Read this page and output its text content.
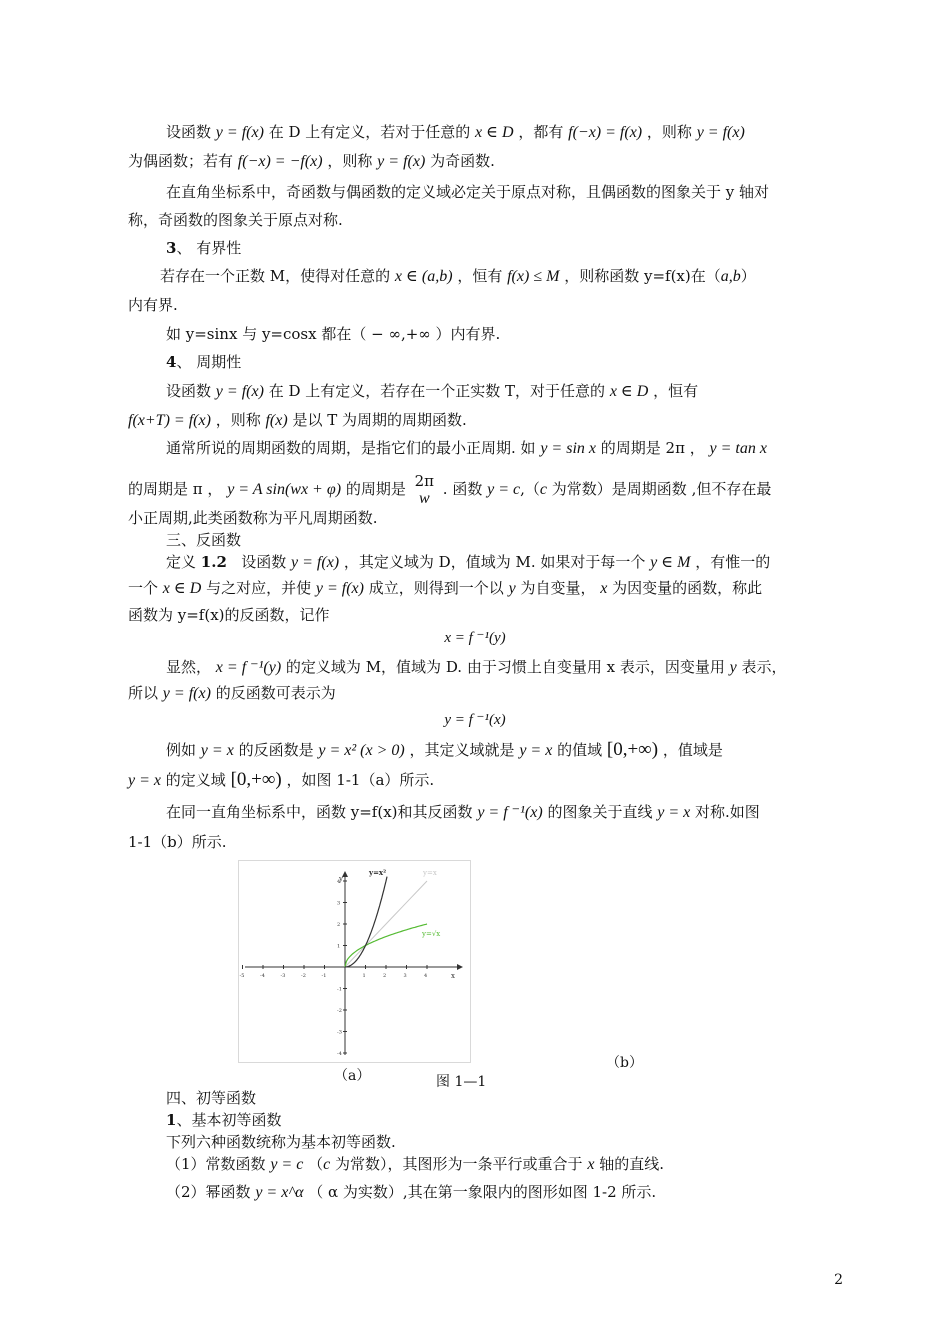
设函数 y = f(x) 在 D 上有定义，若对于任意的 x ∈ D ，都有 f(−x) = f(x) ，则称 y = f(x)
为偶函数；若有 f(−x) = −f(x) ，则称 y = f(x) 为奇函数.
在直角坐标系中，奇函数与偶函数的定义域必定关于原点对称，且偶函数的图象关于 y 轴对
称，奇函数的图象关于原点对称.
3、 有界性
若存在一个正数 M，使得对任意的 x ∈ (a,b) ，恒有 f(x) ≤ M ，则称函数 y=f(x)在（a,b）
内有界.
如 y=sinx 与 y=cosx 都在（ − ∞,+∞ ）内有界.
4、 周期性
设函数 y = f(x) 在 D 上有定义，若存在一个正实数 T，对于任意的 x ∈ D ，恒有
f(x+T) = f(x) ，则称 f(x) 是以 T 为周期的周期函数.
通常所说的周期函数的周期，是指它们的最小正周期. 如 y = sin x 的周期是 2π ， y = tan x
的周期是 π ， y = A sin(wx + φ) 的周期是 2π
w
. 函数 y = c,（c 为常数）是周期函数 ,但不存在最
小正周期,此类函数称为平凡周期函数.
三、反函数
定义 1.2 设函数 y = f(x) ，其定义域为 D，值域为 M. 如果对于每一个 y ∈ M ，有惟一的
一个 x ∈ D 与之对应，并使 y = f(x) 成立，则得到一个以 y 为自变量， x 为因变量的函数，称此
函数为 y=f(x)的反函数，记作
x = f ⁻¹(y)
显然， x = f ⁻¹(y) 的定义域为 M，值域为 D. 由于习惯上自变量用 x 表示，因变量用 y 表示，
所以 y = f(x) 的反函数可表示为
y = f ⁻¹(x)
例如 y = x 的反函数是 y = x² (x > 0) ，其定义域就是 y = x 的值域 [0,+∞) ，值域是
y = x 的定义域 [0,+∞) ，如图 1-1（a）所示.
在同一直角坐标系中，函数 y=f(x)和其反函数 y = f ⁻¹(x) 的图象关于直线 y = x 对称.如图
1-1（b）所示.
x
y
-5	-4	-3	-2	-1	1	2	3	4
4
3
2
1
-1
-2
-3
-4
y=x²	y=x
y=√x
（a）	图 1—1
（b）
四、初等函数
1、基本初等函数
下列六种函数统称为基本初等函数.
（1）常数函数 y = c （c 为常数），其图形为一条平行或重合于 x 轴的直线.
（2）幂函数 y = x^α （ α 为实数）,其在第一象限内的图形如图 1-2 所示.
2
